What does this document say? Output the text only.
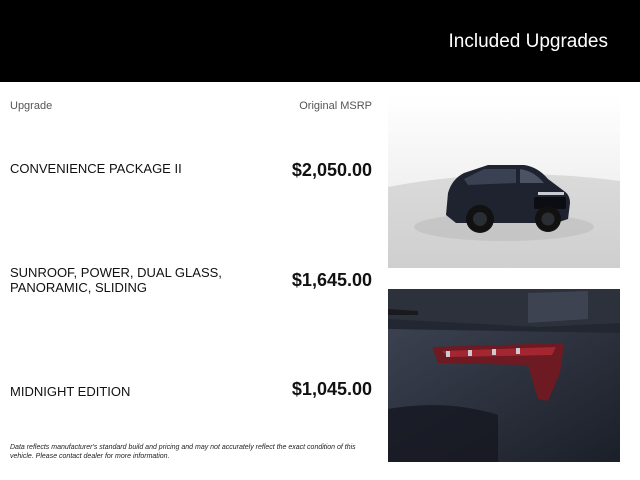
Included Upgrades
Upgrade	Original MSRP
CONVENIENCE PACKAGE II	$2,050.00
SUNROOF, POWER, DUAL GLASS, PANORAMIC, SLIDING	$1,645.00
MIDNIGHT EDITION	$1,045.00
Data reflects manufacturer's standard build and pricing and may not accurately reflect the exact condition of this vehicle. Please contact dealer for more information.
